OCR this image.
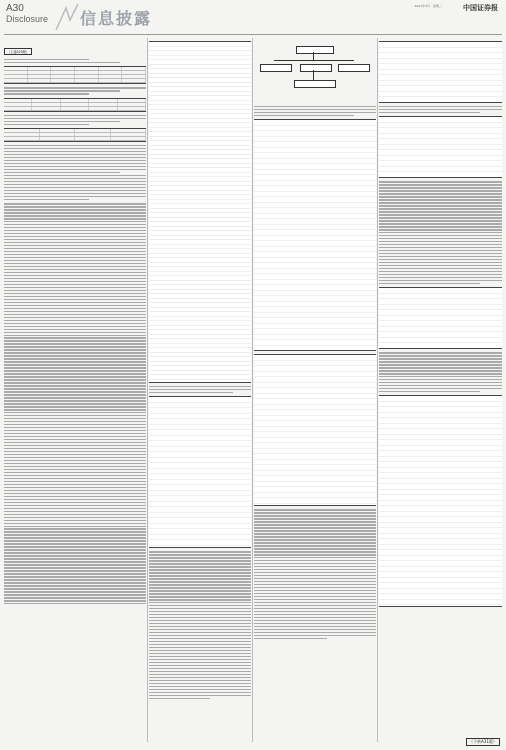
A30
Disclosure 信息披露
2021年3月　星期二	中国证券报
（上接A29版）
（下转A31版）
